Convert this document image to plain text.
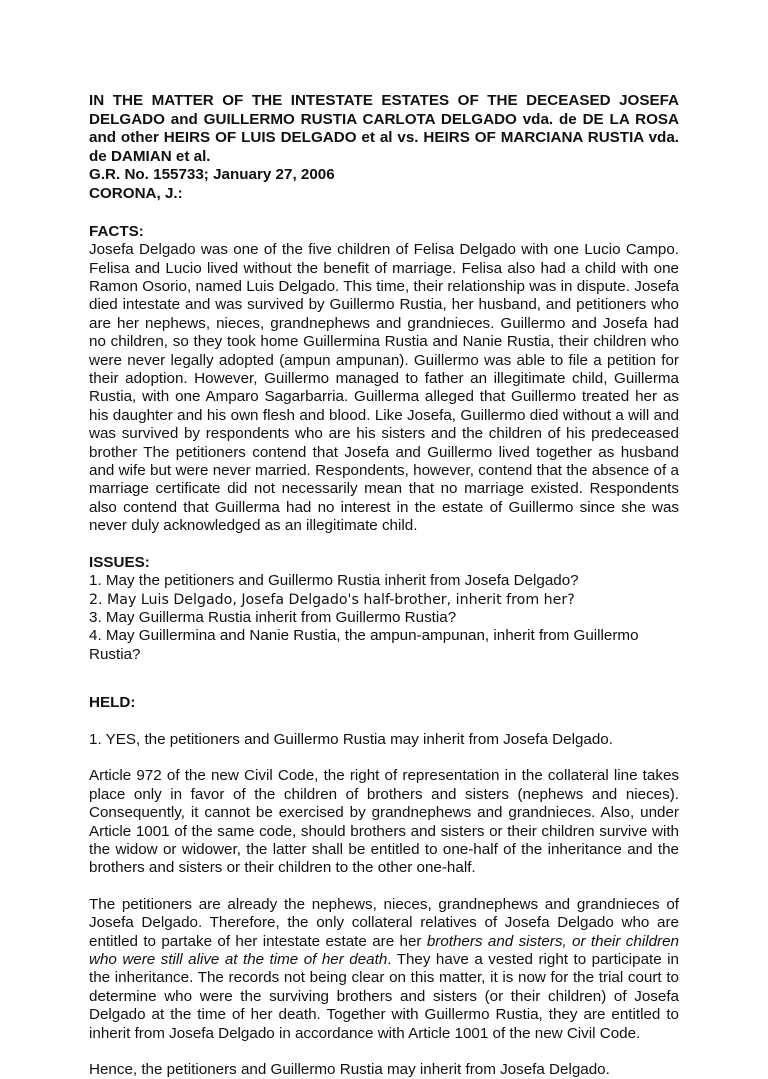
IN THE MATTER OF THE INTESTATE ESTATES OF THE DECEASED JOSEFA DELGADO and GUILLERMO RUSTIA CARLOTA DELGADO vda. de DE LA ROSA and other HEIRS OF LUIS DELGADO et al vs. HEIRS OF MARCIANA RUSTIA vda. de DAMIAN et al.

G.R. No. 155733; January 27, 2006

CORONA, J.:

FACTS:

Josefa Delgado was one of the five children of Felisa Delgado with one Lucio Campo. Felisa and Lucio lived without the benefit of marriage. Felisa also had a child with one Ramon Osorio, named Luis Delgado. This time, their relationship was in dispute. Josefa died intestate and was survived by Guillermo Rustia, her husband, and petitioners who are her nephews, nieces, grandnephews and grandnieces. Guillermo and Josefa had no children, so they took home Guillermina Rustia and Nanie Rustia, their children who were never legally adopted (ampun ampunan). Guillermo was able to file a petition for their adoption. However, Guillermo managed to father an illegitimate child, Guillerma Rustia, with one Amparo Sagarbarria. Guillerma alleged that Guillermo treated her as his daughter and his own flesh and blood. Like Josefa, Guillermo died without a will and was survived by respondents who are his sisters and the children of his predeceased brother The petitioners contend that Josefa and Guillermo lived together as husband and wife but were never married. Respondents, however, contend that the absence of a marriage certificate did not necessarily mean that no marriage existed. Respondents also contend that Guillerma had no interest in the estate of Guillermo since she was never duly acknowledged as an illegitimate child.

ISSUES:

1. May the petitioners and Guillermo Rustia inherit from Josefa Delgado?

2. May Luis Delgado, Josefa Delgado's half-brother, inherit from her?

3. May Guillerma Rustia inherit from Guillermo Rustia?

4. May Guillermina and Nanie Rustia, the ampun-ampunan, inherit from Guillermo Rustia?

HELD:

1. YES, the petitioners and Guillermo Rustia may inherit from Josefa Delgado.

Article 972 of the new Civil Code, the right of representation in the collateral line takes place only in favor of the children of brothers and sisters (nephews and nieces). Consequently, it cannot be exercised by grandnephews and grandnieces. Also, under Article 1001 of the same code, should brothers and sisters or their children survive with the widow or widower, the latter shall be entitled to one-half of the inheritance and the brothers and sisters or their children to the other one-half.

The petitioners are already the nephews, nieces, grandnephews and grandnieces of Josefa Delgado. Therefore, the only collateral relatives of Josefa Delgado who are entitled to partake of her intestate estate are her brothers and sisters, or their children who were still alive at the time of her death. They have a vested right to participate in the inheritance. The records not being clear on this matter, it is now for the trial court to determine who were the surviving brothers and sisters (or their children) of Josefa Delgado at the time of her death. Together with Guillermo Rustia, they are entitled to inherit from Josefa Delgado in accordance with Article 1001 of the new Civil Code.

Hence, the petitioners and Guillermo Rustia may inherit from Josefa Delgado.
